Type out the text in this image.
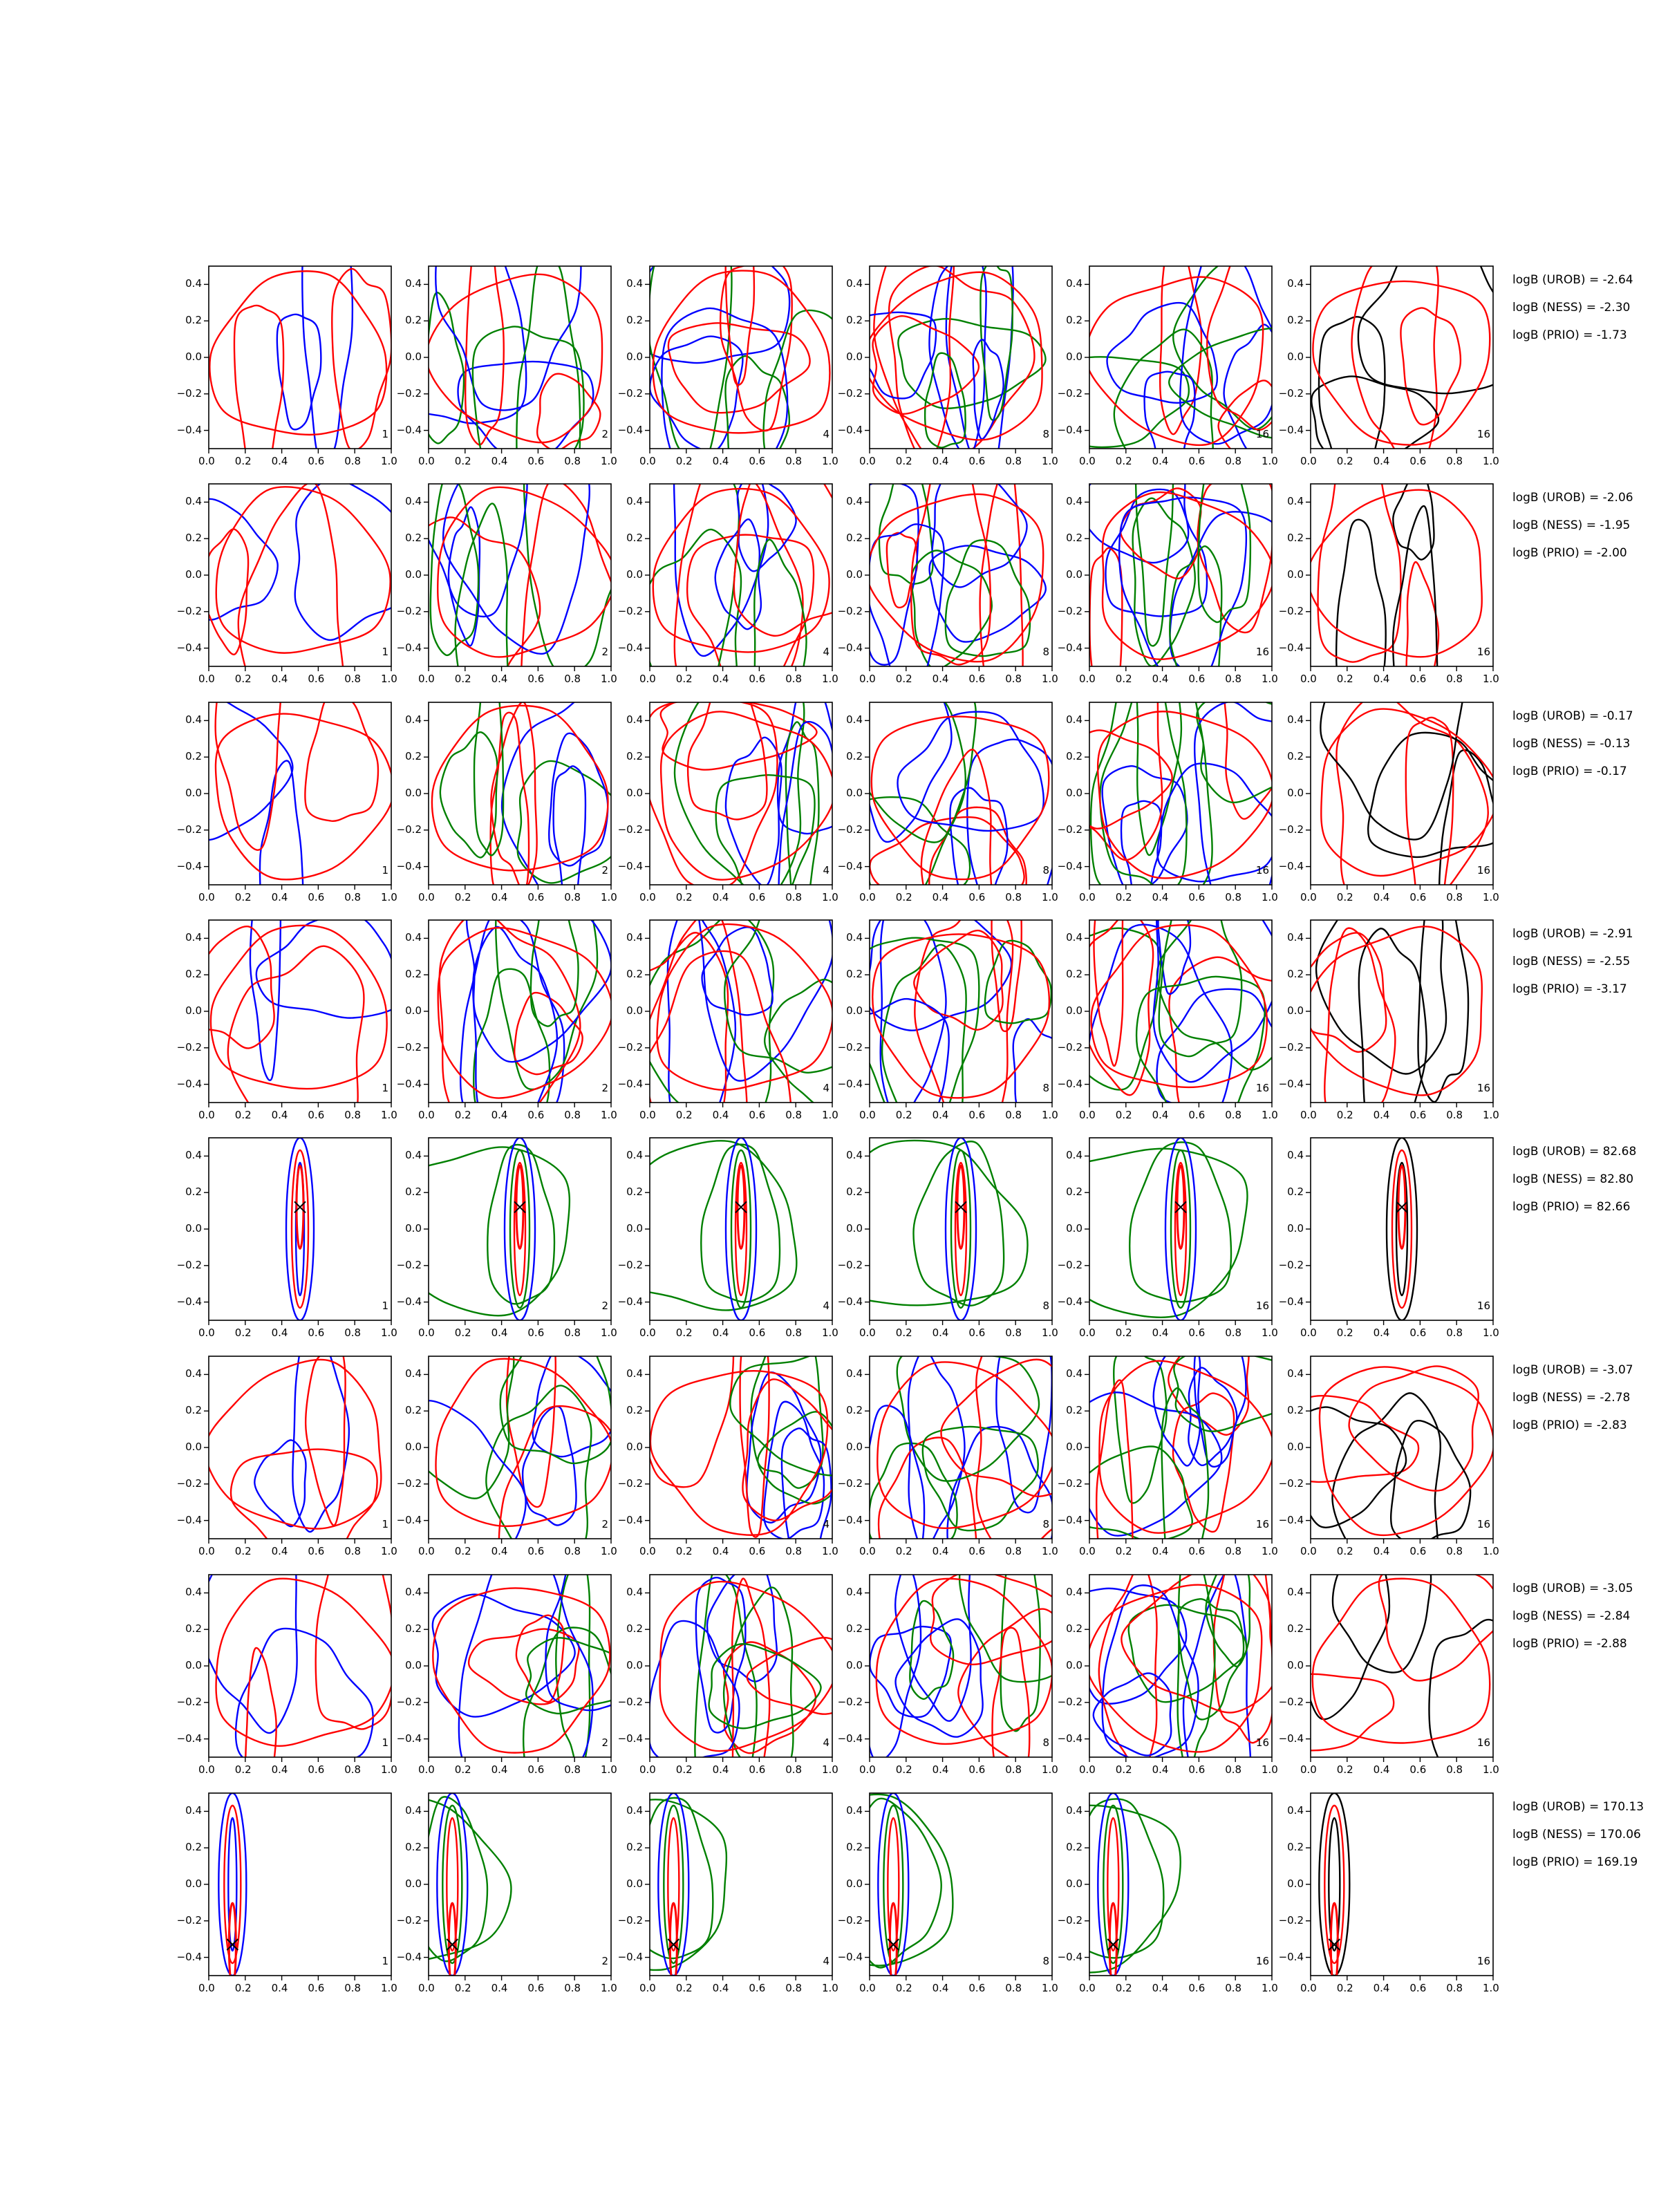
0.0 0.2 0.4 0.6 0.8 1.0
0.4
0.2
0.0
−0.2
−0.4	1
0.0 0.2 0.4 0.6 0.8 1.0
0.4
0.2
0.0
−0.2
−0.4	2
0.0 0.2 0.4 0.6 0.8 1.0
0.4
0.2
0.0
−0.2
−0.4	4
0.0 0.2 0.4 0.6 0.8 1.0
0.4
0.2
0.0
−0.2
−0.4	8
0.0 0.2 0.4 0.6 0.8 1.0
0.4
0.2
0.0
−0.2
−0.4	16
0.0 0.2 0.4 0.6 0.8 1.0
0.4
0.2
0.0
−0.2
−0.4	16
logB (UROB) = -2.64
logB (NESS) = -2.30
logB (PRIO) = -1.73
0.0 0.2 0.4 0.6 0.8 1.0
0.4
0.2
0.0
−0.2
−0.4	1
0.0 0.2 0.4 0.6 0.8 1.0
0.4
0.2
0.0
−0.2
−0.4	2
0.0 0.2 0.4 0.6 0.8 1.0
0.4
0.2
0.0
−0.2
−0.4	4
0.0 0.2 0.4 0.6 0.8 1.0
0.4
0.2
0.0
−0.2
−0.4	8
0.0 0.2 0.4 0.6 0.8 1.0
0.4
0.2
0.0
−0.2
−0.4	16
0.0 0.2 0.4 0.6 0.8 1.0
0.4
0.2
0.0
−0.2
−0.4	16
logB (UROB) = -2.06
logB (NESS) = -1.95
logB (PRIO) = -2.00
0.0 0.2 0.4 0.6 0.8 1.0
0.4
0.2
0.0
−0.2
−0.4	1
0.0 0.2 0.4 0.6 0.8 1.0
0.4
0.2
0.0
−0.2
−0.4	2
0.0 0.2 0.4 0.6 0.8 1.0
0.4
0.2
0.0
−0.2
−0.4	4
0.0 0.2 0.4 0.6 0.8 1.0
0.4
0.2
0.0
−0.2
−0.4	8
0.0 0.2 0.4 0.6 0.8 1.0
0.4
0.2
0.0
−0.2
−0.4	16
0.0 0.2 0.4 0.6 0.8 1.0
0.4
0.2
0.0
−0.2
−0.4	16
logB (UROB) = -0.17
logB (NESS) = -0.13
logB (PRIO) = -0.17
0.0 0.2 0.4 0.6 0.8 1.0
0.4
0.2
0.0
−0.2
−0.4	1
0.0 0.2 0.4 0.6 0.8 1.0
0.4
0.2
0.0
−0.2
−0.4	2
0.0 0.2 0.4 0.6 0.8 1.0
0.4
0.2
0.0
−0.2
−0.4	4
0.0 0.2 0.4 0.6 0.8 1.0
0.4
0.2
0.0
−0.2
−0.4	8
0.0 0.2 0.4 0.6 0.8 1.0
0.4
0.2
0.0
−0.2
−0.4	16
0.0 0.2 0.4 0.6 0.8 1.0
0.4
0.2
0.0
−0.2
−0.4	16
logB (UROB) = -2.91
logB (NESS) = -2.55
logB (PRIO) = -3.17
0.0 0.2 0.4 0.6 0.8 1.0
0.4
0.2
0.0
−0.2
−0.4	1
0.0 0.2 0.4 0.6 0.8 1.0
0.4
0.2
0.0
−0.2
−0.4	2
0.0 0.2 0.4 0.6 0.8 1.0
0.4
0.2
0.0
−0.2
−0.4	4
0.0 0.2 0.4 0.6 0.8 1.0
0.4
0.2
0.0
−0.2
−0.4	8
0.0 0.2 0.4 0.6 0.8 1.0
0.4
0.2
0.0
−0.2
−0.4	16
0.0 0.2 0.4 0.6 0.8 1.0
0.4
0.2
0.0
−0.2
−0.4	16
logB (UROB) = 82.68
logB (NESS) = 82.80
logB (PRIO) = 82.66
0.0 0.2 0.4 0.6 0.8 1.0
0.4
0.2
0.0
−0.2
−0.4	1
0.0 0.2 0.4 0.6 0.8 1.0
0.4
0.2
0.0
−0.2
−0.4	2
0.0 0.2 0.4 0.6 0.8 1.0
0.4
0.2
0.0
−0.2
−0.4	4
0.0 0.2 0.4 0.6 0.8 1.0
0.4
0.2
0.0
−0.2
−0.4	8
0.0 0.2 0.4 0.6 0.8 1.0
0.4
0.2
0.0
−0.2
−0.4	16
0.0 0.2 0.4 0.6 0.8 1.0
0.4
0.2
0.0
−0.2
−0.4	16
logB (UROB) = -3.07
logB (NESS) = -2.78
logB (PRIO) = -2.83
0.0 0.2 0.4 0.6 0.8 1.0
0.4
0.2
0.0
−0.2
−0.4	1
0.0 0.2 0.4 0.6 0.8 1.0
0.4
0.2
0.0
−0.2
−0.4	2
0.0 0.2 0.4 0.6 0.8 1.0
0.4
0.2
0.0
−0.2
−0.4	4
0.0 0.2 0.4 0.6 0.8 1.0
0.4
0.2
0.0
−0.2
−0.4	8
0.0 0.2 0.4 0.6 0.8 1.0
0.4
0.2
0.0
−0.2
−0.4	16
0.0 0.2 0.4 0.6 0.8 1.0
0.4
0.2
0.0
−0.2
−0.4	16
logB (UROB) = -3.05
logB (NESS) = -2.84
logB (PRIO) = -2.88
0.0 0.2 0.4 0.6 0.8 1.0
0.4
0.2
0.0
−0.2
−0.4	1
0.0 0.2 0.4 0.6 0.8 1.0
0.4
0.2
0.0
−0.2
−0.4	2
0.0 0.2 0.4 0.6 0.8 1.0
0.4
0.2
0.0
−0.2
−0.4	4
0.0 0.2 0.4 0.6 0.8 1.0
0.4
0.2
0.0
−0.2
−0.4	8
0.0 0.2 0.4 0.6 0.8 1.0
0.4
0.2
0.0
−0.2
−0.4	16
0.0 0.2 0.4 0.6 0.8 1.0
0.4
0.2
0.0
−0.2
−0.4	16
logB (UROB) = 170.13
logB (NESS) = 170.06
logB (PRIO) = 169.19
